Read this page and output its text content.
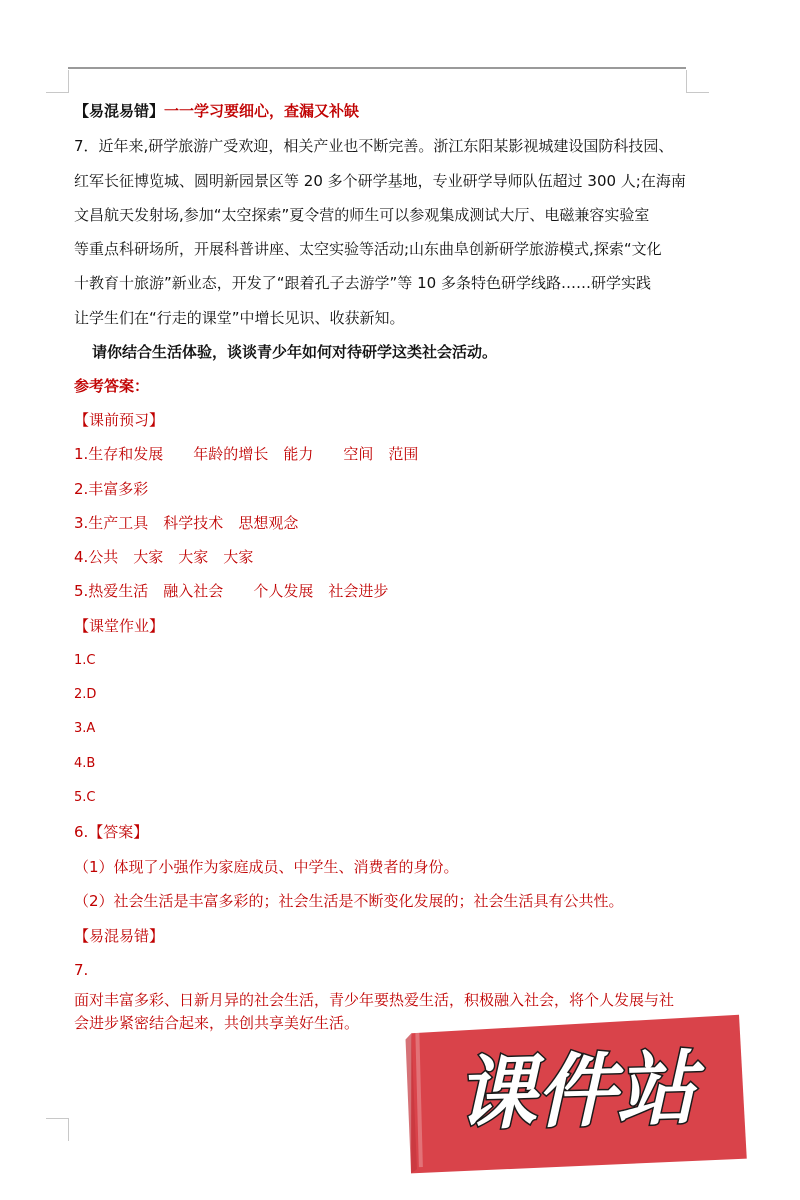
【易混易错】一一学习要细心，查漏又补缺
7．近年来,研学旅游广受欢迎，相关产业也不断完善。浙江东阳某影视城建设国防科技园、
红军长征博览城、圆明新园景区等 20 多个研学基地，专业研学导师队伍超过 300 人;在海南
文昌航天发射场,参加“太空探索”夏令营的师生可以参观集成测试大厅、电磁兼容实验室
等重点科研场所，开展科普讲座、太空实验等活动;山东曲阜创新研学旅游模式,探索“文化
十教育十旅游”新业态，开发了“跟着孔子去游学”等 10 多条特色研学线路……研学实践
让学生们在“行走的课堂”中增长见识、收获新知。
请你结合生活体验，谈谈青少年如何对待研学这类社会活动。
参考答案：
【课前预习】
1.生存和发展　　年龄的增长　能力　　空间　范围
2.丰富多彩
3.生产工具　科学技术　思想观念
4.公共　大家　大家　大家
5.热爱生活　融入社会　　个人发展　社会进步
【课堂作业】
1.C
2.D
3.A
4.B
5.C
6.【答案】
（1）体现了小强作为家庭成员、中学生、消费者的身份。
（2）社会生活是丰富多彩的；社会生活是不断变化发展的；社会生活具有公共性。
【易混易错】
7.
面对丰富多彩、日新月异的社会生活，青少年要热爱生活，积极融入社会，将个人发展与社
会进步紧密结合起来，共创共享美好生活。
课件站
